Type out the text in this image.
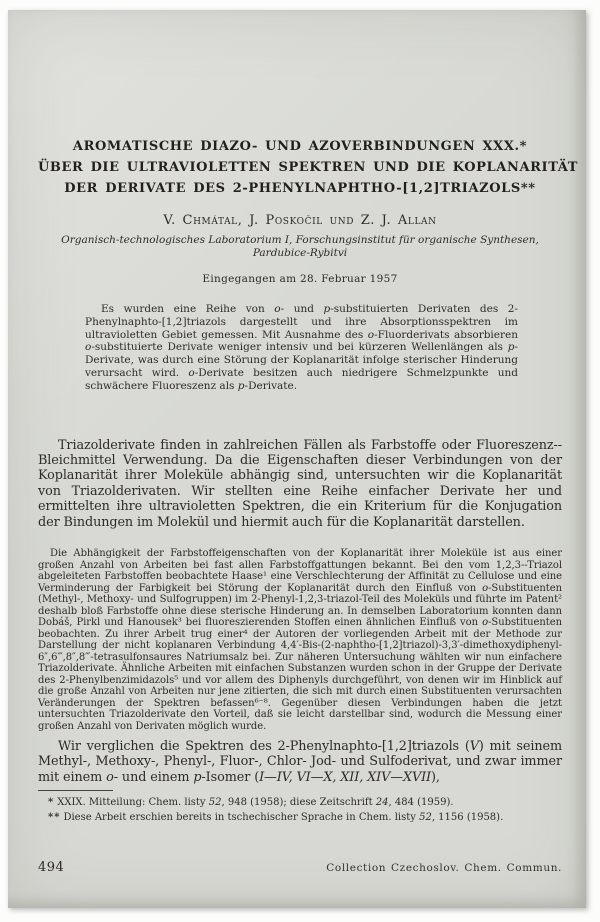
AROMATISCHE DIAZO- UND AZOVERBINDUNGEN XXX.*
ÜBER DIE ULTRAVIOLETTEN SPEKTREN UND DIE KOPLANARITÄT
DER DERIVATE DES 2-PHENYLNAPHTHO-[1,2]TRIAZOLS**
V. Chmátal, J. Poskočil und Z. J. Allan
Organisch-technologisches Laboratorium I, Forschungsinstitut für organische Synthesen,
Pardubice-Rybitvi
Eingegangen am 28. Februar 1957
Es wurden eine Reihe von o- und p-substituierten Derivaten des 2-Phenylnaphto-[1,2]triazols dargestellt und ihre Absorptionsspektren im ultravioletten Gebiet gemessen. Mit Ausnahme des o-Fluorderivats absorbieren o-substituierte Derivate weniger intensiv und bei kürzeren Wellenlängen als p-Derivate, was durch eine Störung der Koplanarität infolge sterischer Hinderung verursacht wird. o-Derivate besitzen auch niedrigere Schmelzpunkte und schwächere Fluoreszenz als p-Derivate.
Triazolderivate finden in zahlreichen Fällen als Farbstoffe oder Fluoreszenz--Bleichmittel Verwendung. Da die Eigenschaften dieser Verbindungen von der Koplanarität ihrer Moleküle abhängig sind, untersuchten wir die Koplanarität von Triazolderivaten. Wir stellten eine Reihe einfacher Derivate her und ermittelten ihre ultravioletten Spektren, die ein Kriterium für die Konjugation der Bindungen im Molekül und hiermit auch für die Koplanarität darstellen.
Die Abhängigkeit der Farbstoffeigenschaften von der Koplanarität ihrer Moleküle ist aus einer großen Anzahl von Arbeiten bei fast allen Farbstoffgattungen bekannt. Bei den vom 1,2,3--Triazol abgeleiteten Farbstoffen beobachtete Haase¹ eine Verschlechterung der Affinität zu Cellulose und eine Verminderung der Farbigkeit bei Störung der Koplanarität durch den Einfluß von o-Substituenten (Methyl-, Methoxy- und Sulfogruppen) im 2-Phenyl-1,2,3-triazol-Teil des Moleküls und führte im Patent² deshalb bloß Farbstoffe ohne diese sterische Hinderung an. In demselben Laboratorium konnten dann Dobáš, Pirkl und Hanousek³ bei fluoreszierenden Stoffen einen ähnlichen Einfluß von o-Substituenten beobachten. Zu ihrer Arbeit trug einer⁴ der Autoren der vorliegenden Arbeit mit der Methode zur Darstellung der nicht koplanaren Verbindung 4,4′-Bis-(2-naphtho-[1,2]triazol)-3,3′-dimethoxydiphenyl-6″,6‴,8″,8‴-tetrasulfonsaures Natriumsalz bei. Zur näheren Untersuchung wählten wir nun einfachere Triazolderivate. Ähnliche Arbeiten mit einfachen Substanzen wurden schon in der Gruppe der Derivate des 2-Phenylbenzimidazols⁵ und vor allem des Diphenyls durchgeführt, von denen wir im Hinblick auf die große Anzahl von Arbeiten nur jene zitierten, die sich mit durch einen Substituenten verursachten Veränderungen der Spektren befassen⁶⁻⁸. Gegenüber diesen Verbindungen haben die jetzt untersuchten Triazolderivate den Vorteil, daß sie leicht darstellbar sind, wodurch die Messung einer großen Anzahl von Derivaten möglich wurde.
Wir verglichen die Spektren des 2-Phenylnaphto-[1,2]triazols (V) mit seinem Methyl-, Methoxy-, Phenyl-, Fluor-, Chlor- Jod- und Sulfoderivat, und zwar immer mit einem o- und einem p-Isomer (I—IV, VI—X, XII, XIV—XVII),
* XXIX. Mitteilung: Chem. listy 52, 948 (1958); diese Zeitschrift 24, 484 (1959).
** Diese Arbeit erschien bereits in tschechischer Sprache in Chem. listy 52, 1156 (1958).
494	Collection Czechoslov. Chem. Commun.
